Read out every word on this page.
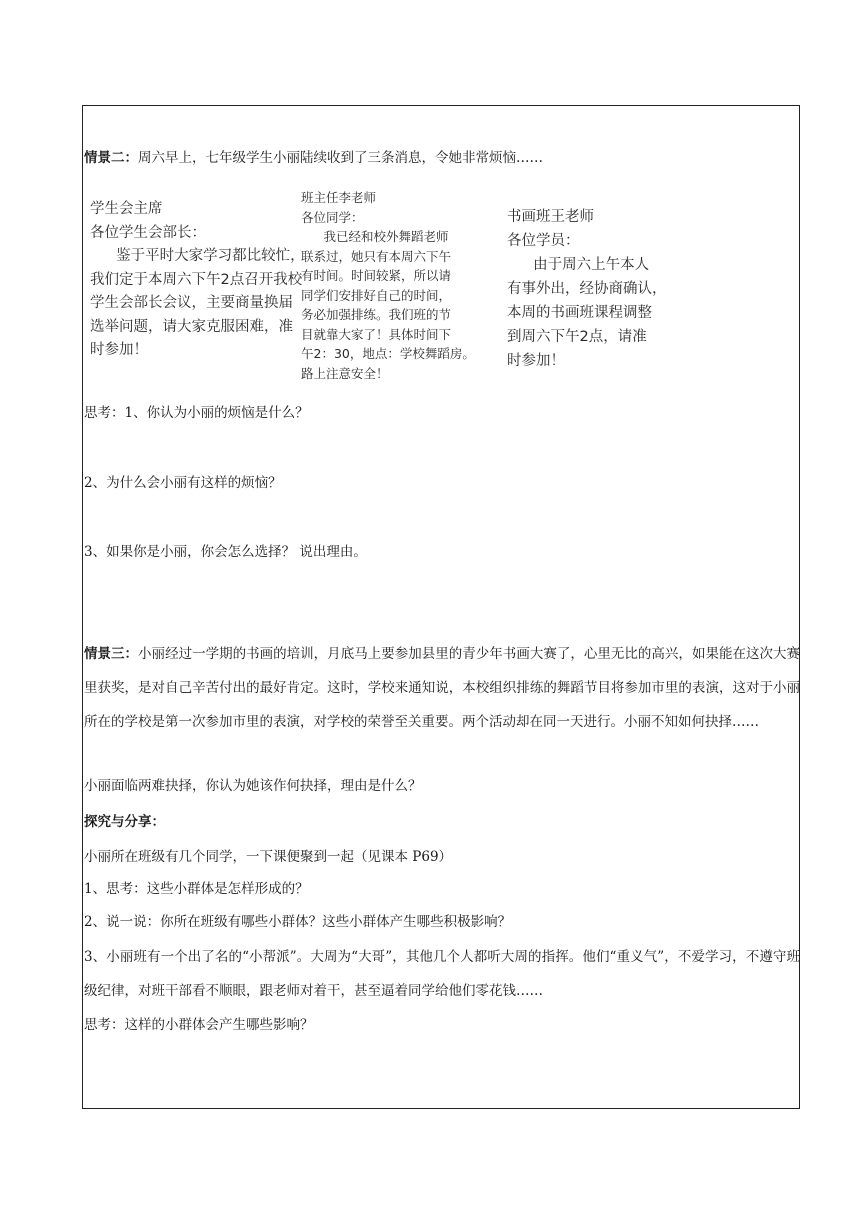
情景二：周六早上，七年级学生小丽陆续收到了三条消息，令她非常烦恼……
学生会主席
各位学生会部长：
鉴于平时大家学习都比较忙，
我们定于本周六下午2点召开我校
学生会部长会议，主要商量换届
选举问题，请大家克服困难，准
时参加！
班主任李老师
各位同学：
我已经和校外舞蹈老师
联系过，她只有本周六下午
有时间。时间较紧，所以请
同学们安排好自己的时间，
务必加强排练。我们班的节
目就靠大家了！具体时间下
午2：30，地点：学校舞蹈房。
路上注意安全！
书画班王老师
各位学员：
由于周六上午本人
有事外出，经协商确认，
本周的书画班课程调整
到周六下午2点，请准
时参加！
思考：1、你认为小丽的烦恼是什么？
2、为什么会小丽有这样的烦恼？
3、如果你是小丽，你会怎么选择？ 说出理由。
情景三：小丽经过一学期的书画的培训，月底马上要参加县里的青少年书画大赛了，心里无比的高兴，如果能在这次大赛里获奖，是对自己辛苦付出的最好肯定。这时，学校来通知说，本校组织排练的舞蹈节目将参加市里的表演，这对于小丽所在的学校是第一次参加市里的表演，对学校的荣誉至关重要。两个活动却在同一天进行。小丽不知如何抉择……
小丽面临两难抉择，你认为她该作何抉择，理由是什么？
探究与分享：
小丽所在班级有几个同学，一下课便聚到一起（见课本 P69）
1、思考：这些小群体是怎样形成的？
2、说一说：你所在班级有哪些小群体？这些小群体产生哪些积极影响？
3、小丽班有一个出了名的“小帮派”。大周为“大哥”，其他几个人都听大周的指挥。他们“重义气”，不爱学习，不遵守班级纪律，对班干部看不顺眼，跟老师对着干，甚至逼着同学给他们零花钱……
思考：这样的小群体会产生哪些影响？
